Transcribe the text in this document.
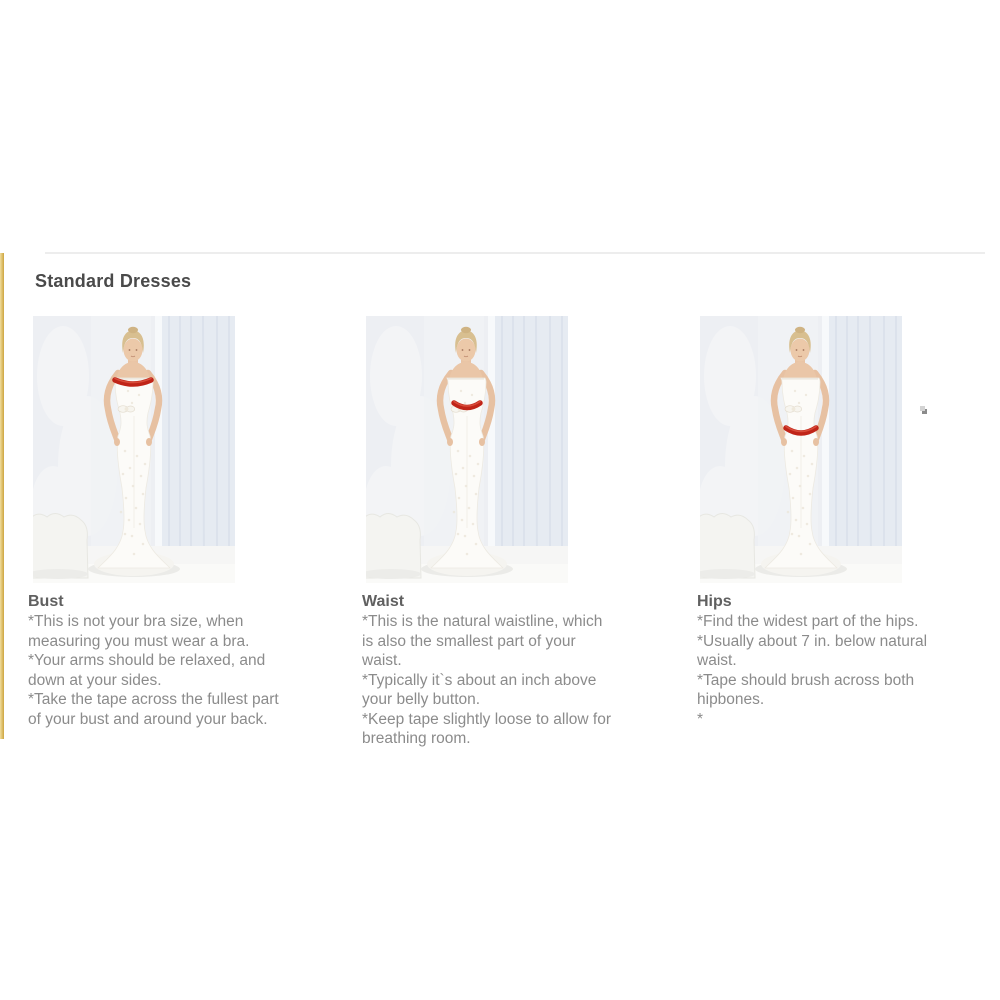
Standard Dresses
Bust
*This is not your bra size, when
measuring you must wear a bra.
*Your arms should be relaxed, and
down at your sides.
*Take the tape across the fullest part
of your bust and around your back.
Waist
*This is the natural waistline, which
is also the smallest part of your
waist.
*Typically it`s about an inch above
your belly button.
*Keep tape slightly loose to allow for
breathing room.
Hips
*Find the widest part of the hips.
*Usually about 7 in. below natural
waist.
*Tape should brush across both
hipbones.
*
